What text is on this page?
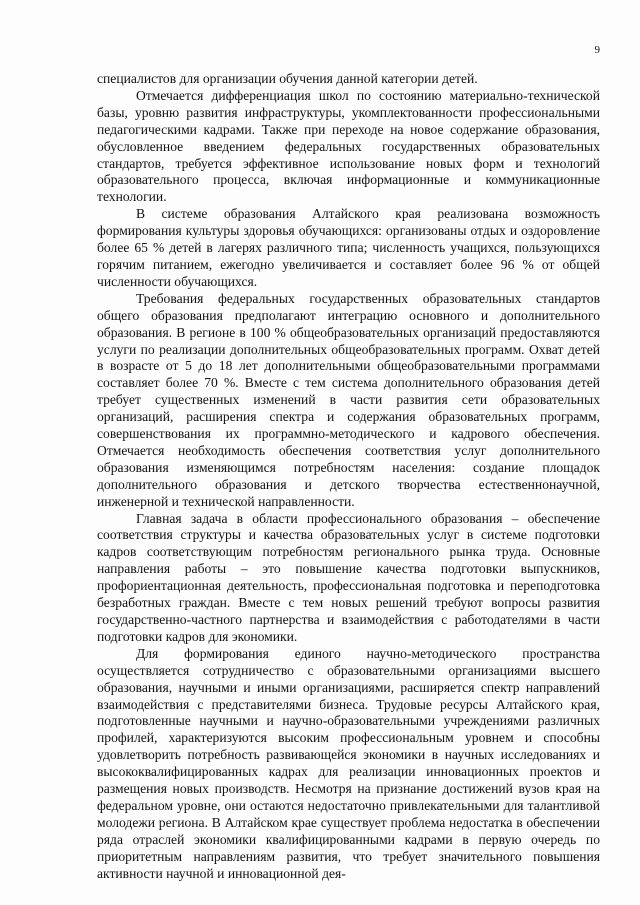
9

специалистов для организации обучения данной категории детей.

Отмечается дифференциация школ по состоянию материально-технической базы, уровню развития инфраструктуры, укомплектованности профессиональными педагогическими кадрами. Также при переходе на новое содержание образования, обусловленное введением федеральных государственных образовательных стандартов, требуется эффективное использование новых форм и технологий образовательного процесса, включая информационные и коммуникационные технологии.

В системе образования Алтайского края реализована возможность формирования культуры здоровья обучающихся: организованы отдых и оздоровление более 65 % детей в лагерях различного типа; численность учащихся, пользующихся горячим питанием, ежегодно увеличивается и составляет более 96 % от общей численности обучающихся.

Требования федеральных государственных образовательных стандартов общего образования предполагают интеграцию основного и дополнительного образования. В регионе в 100 % общеобразовательных организаций предоставляются услуги по реализации дополнительных общеобразовательных программ. Охват детей в возрасте от 5 до 18 лет дополнительными общеобразовательными программами составляет более 70 %. Вместе с тем система дополнительного образования детей требует существенных изменений в части развития сети образовательных организаций, расширения спектра и содержания образовательных программ, совершенствования их программно-методического и кадрового обеспечения. Отмечается необходимость обеспечения соответствия услуг дополнительного образования изменяющимся потребностям населения: создание площадок дополнительного образования и детского творчества естественнонаучной, инженерной и технической направленности.

Главная задача в области профессионального образования – обеспечение соответствия структуры и качества образовательных услуг в системе подготовки кадров соответствующим потребностям регионального рынка труда. Основные направления работы – это повышение качества подготовки выпускников, профориентационная деятельность, профессиональная подготовка и переподготовка безработных граждан. Вместе с тем новых решений требуют вопросы развития государственно-частного партнерства и взаимодействия с работодателями в части подготовки кадров для экономики.

Для формирования единого научно-методического пространства осуществляется сотрудничество с образовательными организациями высшего образования, научными и иными организациями, расширяется спектр направлений взаимодействия с представителями бизнеса. Трудовые ресурсы Алтайского края, подготовленные научными и научно-образовательными учреждениями различных профилей, характеризуются высоким профессиональным уровнем и способны удовлетворить потребность развивающейся экономики в научных исследованиях и высококвалифицированных кадрах для реализации инновационных проектов и размещения новых производств. Несмотря на признание достижений вузов края на федеральном уровне, они остаются недостаточно привлекательными для талантливой молодежи региона. В Алтайском крае существует проблема недостатка в обеспечении ряда отраслей экономики квалифицированными кадрами в первую очередь по приоритетным направлениям развития, что требует значительного повышения активности научной и инновационной дея-
